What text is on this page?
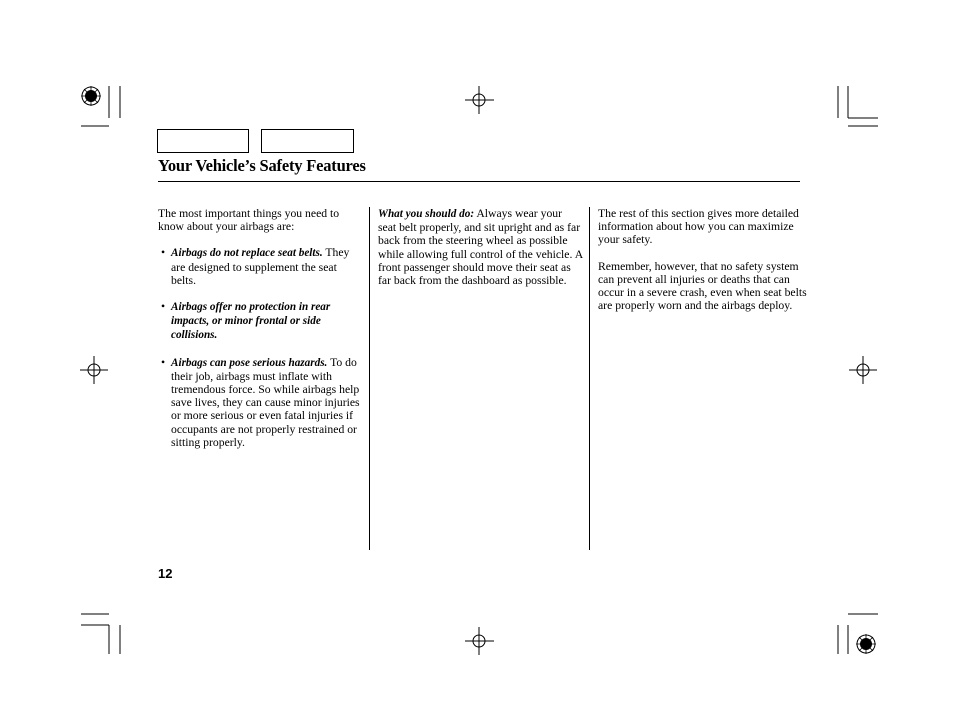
Your Vehicle’s Safety Features

The most important things you need to know about your airbags are:

• Airbags do not replace seat belts. They are designed to supplement the seat belts.

• Airbags offer no protection in rear impacts, or minor frontal or side collisions.

• Airbags can pose serious hazards. To do their job, airbags must inflate with tremendous force. So while airbags help save lives, they can cause minor injuries or more serious or even fatal injuries if occupants are not properly restrained or sitting properly.

What you should do: Always wear your seat belt properly, and sit upright and as far back from the steering wheel as possible while allowing full control of the vehicle. A front passenger should move their seat as far back from the dashboard as possible.

The rest of this section gives more detailed information about how you can maximize your safety.

Remember, however, that no safety system can prevent all injuries or deaths that can occur in a severe crash, even when seat belts are properly worn and the airbags deploy.

12
